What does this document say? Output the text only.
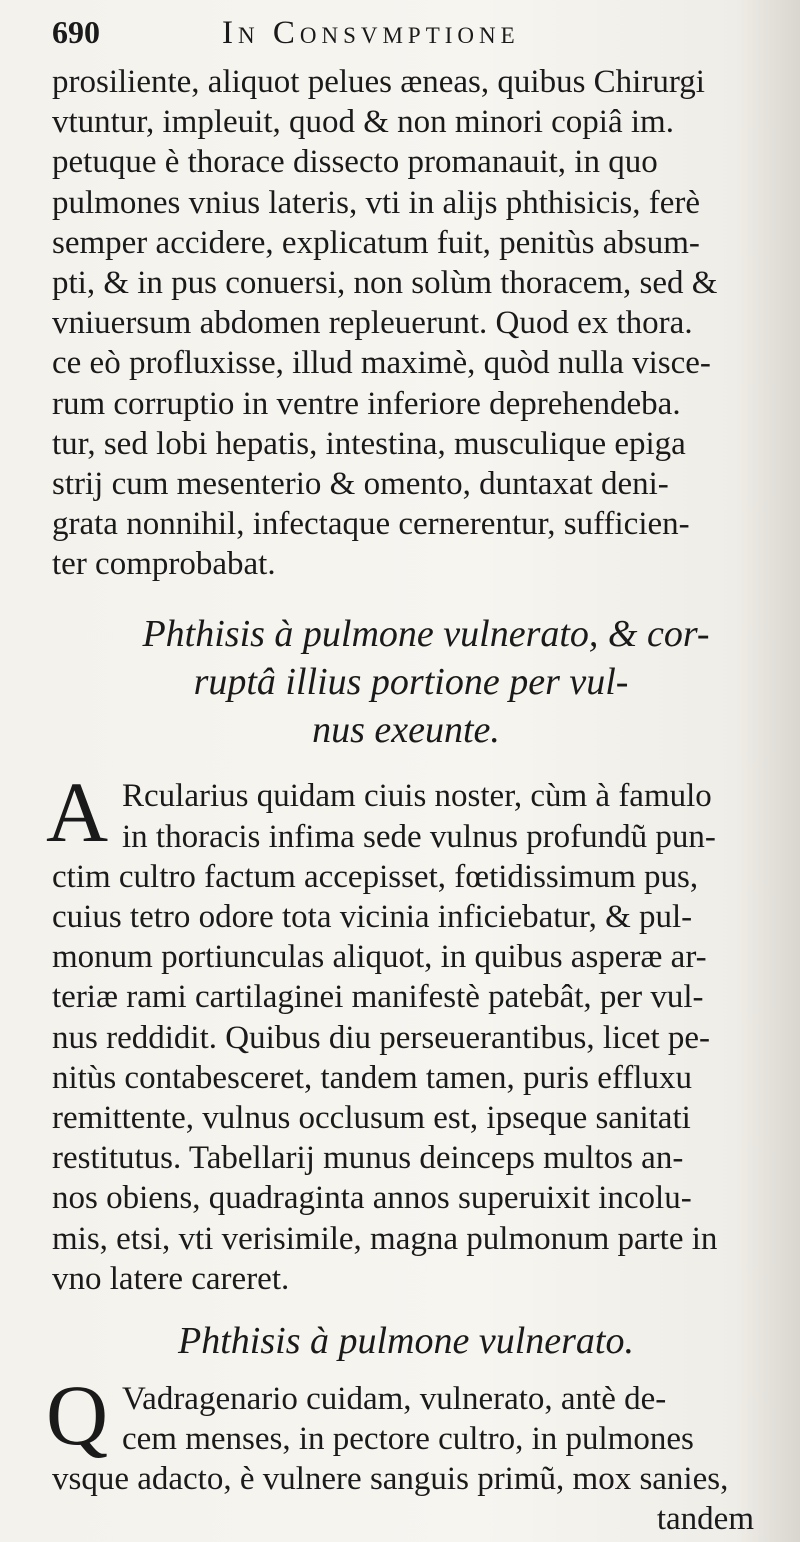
690	In Consvmptione
prosiliente, aliquot pelues æneas, quibus Chirurgi
vtuntur, impleuit, quod & non minori copiâ im.
petuque è thorace dissecto promanauit, in quo
pulmones vnius lateris, vti in alijs phthisicis, ferè
semper accidere, explicatum fuit, penitùs absum-
pti, & in pus conuersi, non solùm thoracem, sed &
vniuersum abdomen repleuerunt. Quod ex thora.
ce eò profluxisse, illud maximè, quòd nulla visce-
rum corruptio in ventre inferiore deprehendeba.
tur, sed lobi hepatis, intestina, musculique epiga
strij cum mesenterio & omento, duntaxat deni-
grata nonnihil, infectaque cernerentur, sufficien-
ter comprobabat.
Phthisis à pulmone vulnerato, & cor-
ruptâ illius portione per vul-
nus exeunte.
A Rcularius quidam ciuis noster, cùm à famulo
in thoracis infima sede vulnus profundũ pun-
ctim cultro factum accepisset, fœtidissimum pus,
cuius tetro odore tota vicinia inficiebatur, & pul-
monum portiunculas aliquot, in quibus asperæ ar-
teriæ rami cartilaginei manifestè patebât, per vul-
nus reddidit. Quibus diu perseuerantibus, licet pe-
nitùs contabesceret, tandem tamen, puris effluxu
remittente, vulnus occlusum est, ipseque sanitati
restitutus. Tabellarij munus deinceps multos an-
nos obiens, quadraginta annos superuixit incolu-
mis, etsi, vti verisimile, magna pulmonum parte in
vno latere careret.
Phthisis à pulmone vulnerato.
Q Vadragenario cuidam, vulnerato, antè de-
cem menses, in pectore cultro, in pulmones
vsque adacto, è vulnere sanguis primũ, mox sanies,
tandem
